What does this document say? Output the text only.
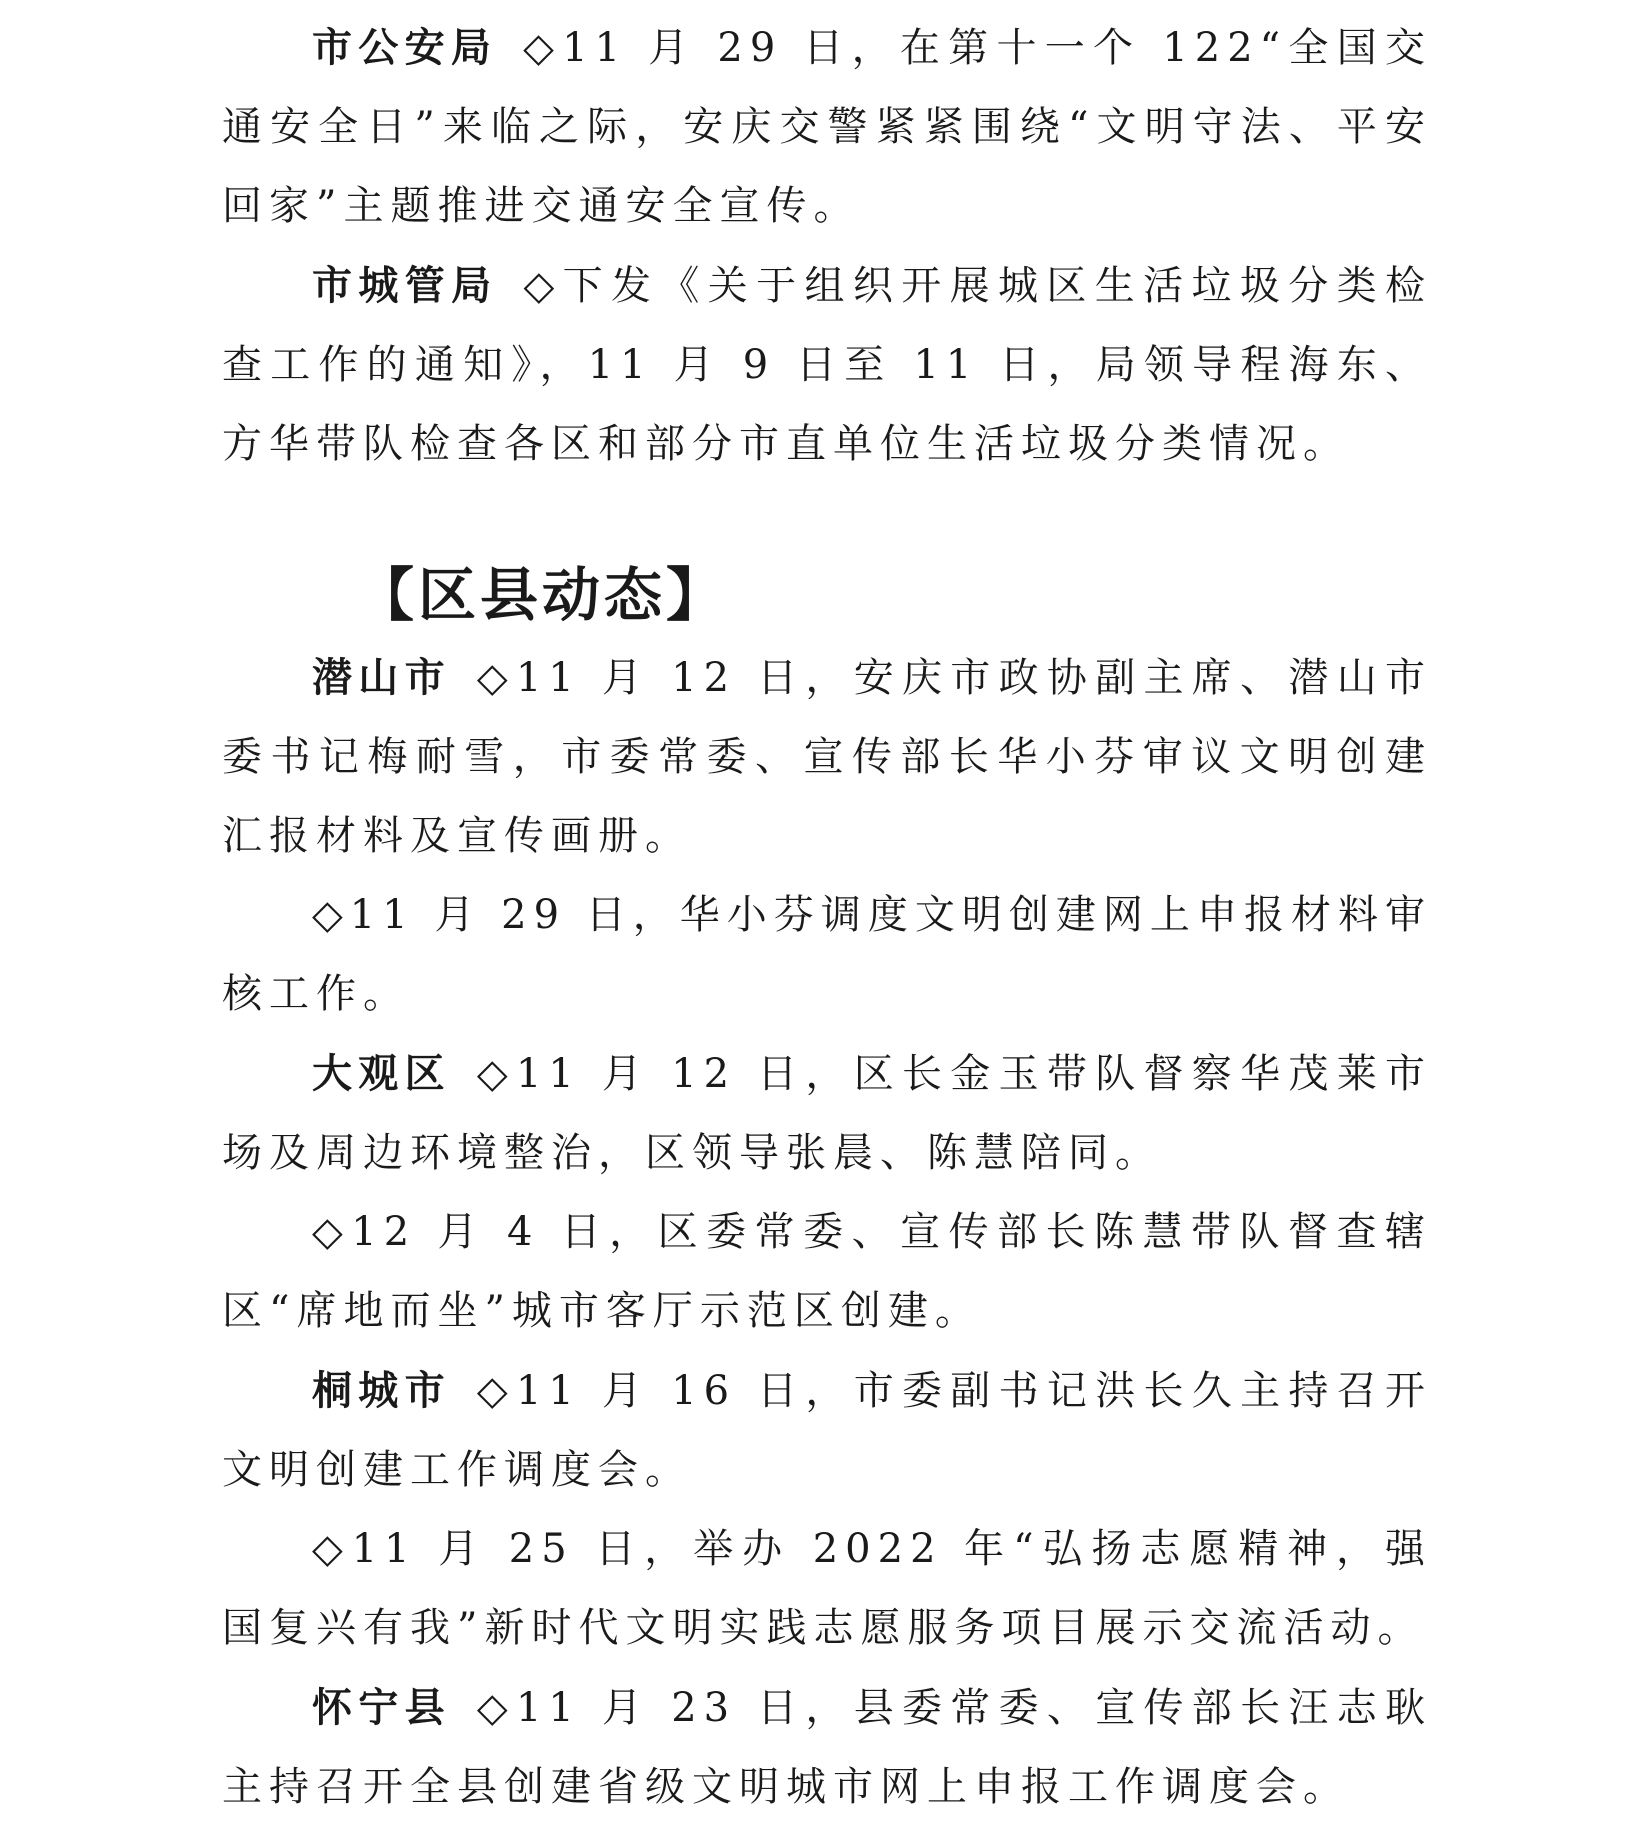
市公安局 ◇11 月 29 日，在第十一个 122“全国交通安全日”来临之际，安庆交警紧紧围绕“文明守法、平安回家”主题推进交通安全宣传。

市城管局 ◇下发《关于组织开展城区生活垃圾分类检查工作的通知》，11 月 9 日至 11 日，局领导程海东、方华带队检查各区和部分市直单位生活垃圾分类情况。

【区县动态】

潜山市 ◇11 月 12 日，安庆市政协副主席、潜山市委书记梅耐雪，市委常委、宣传部长华小芬审议文明创建汇报材料及宣传画册。

◇11 月 29 日，华小芬调度文明创建网上申报材料审核工作。

大观区 ◇11 月 12 日，区长金玉带队督察华茂莱市场及周边环境整治，区领导张晨、陈慧陪同。

◇12 月 4 日，区委常委、宣传部长陈慧带队督查辖区“席地而坐”城市客厅示范区创建。

桐城市 ◇11 月 16 日，市委副书记洪长久主持召开文明创建工作调度会。

◇11 月 25 日，举办 2022 年“弘扬志愿精神，强国复兴有我”新时代文明实践志愿服务项目展示交流活动。

怀宁县 ◇11 月 23 日，县委常委、宣传部长汪志耿主持召开全县创建省级文明城市网上申报工作调度会。
